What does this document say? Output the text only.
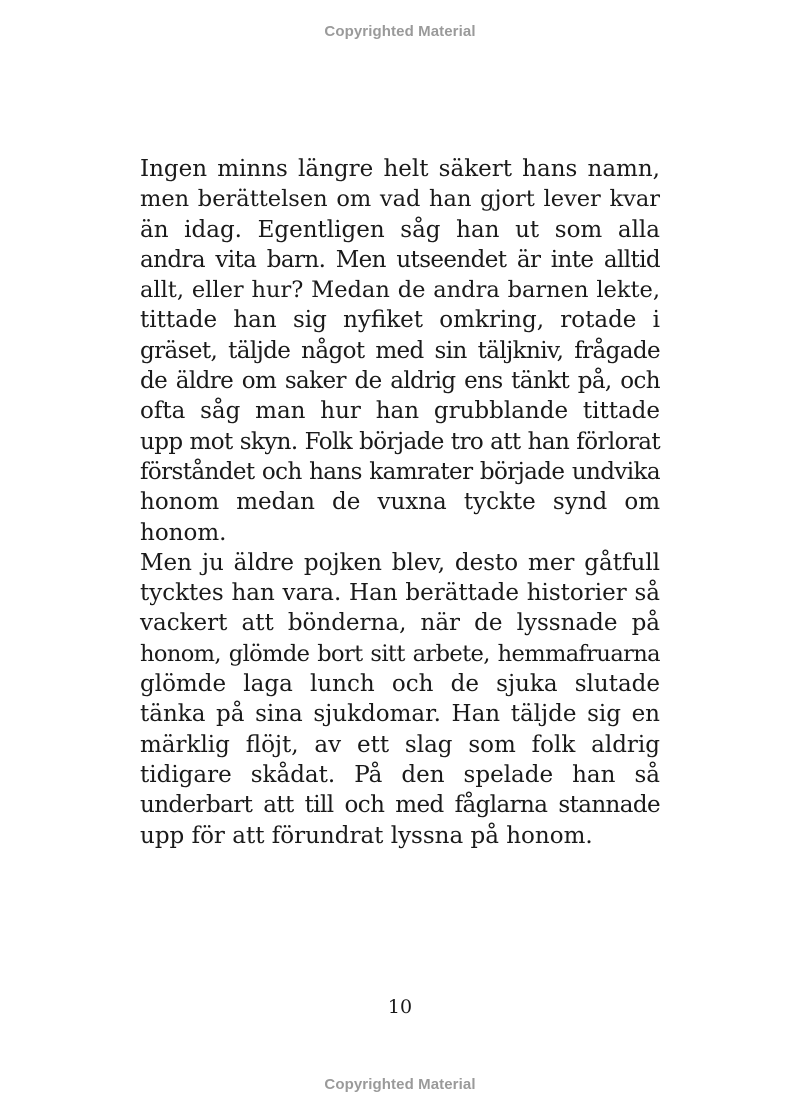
Copyrighted Material
Ingen minns längre helt säkert hans namn,
men berättelsen om vad han gjort lever kvar
än idag. Egentligen såg han ut som alla
andra vita barn. Men utseendet är inte alltid
allt, eller hur? Medan de andra barnen lekte,
tittade han sig nyfiket omkring, rotade i
gräset, täljde något med sin täljkniv, frågade
de äldre om saker de aldrig ens tänkt på, och
ofta såg man hur han grubblande tittade
upp mot skyn. Folk började tro att han förlorat
förståndet och hans kamrater började undvika
honom medan de vuxna tyckte synd om
honom.
Men ju äldre pojken blev, desto mer gåtfull
tycktes han vara. Han berättade historier så
vackert att bönderna, när de lyssnade på
honom, glömde bort sitt arbete, hemmafruarna
glömde laga lunch och de sjuka slutade
tänka på sina sjukdomar. Han täljde sig en
märklig flöjt, av ett slag som folk aldrig
tidigare skådat. På den spelade han så
underbart att till och med fåglarna stannade
upp för att förundrat lyssna på honom.
10
Copyrighted Material
